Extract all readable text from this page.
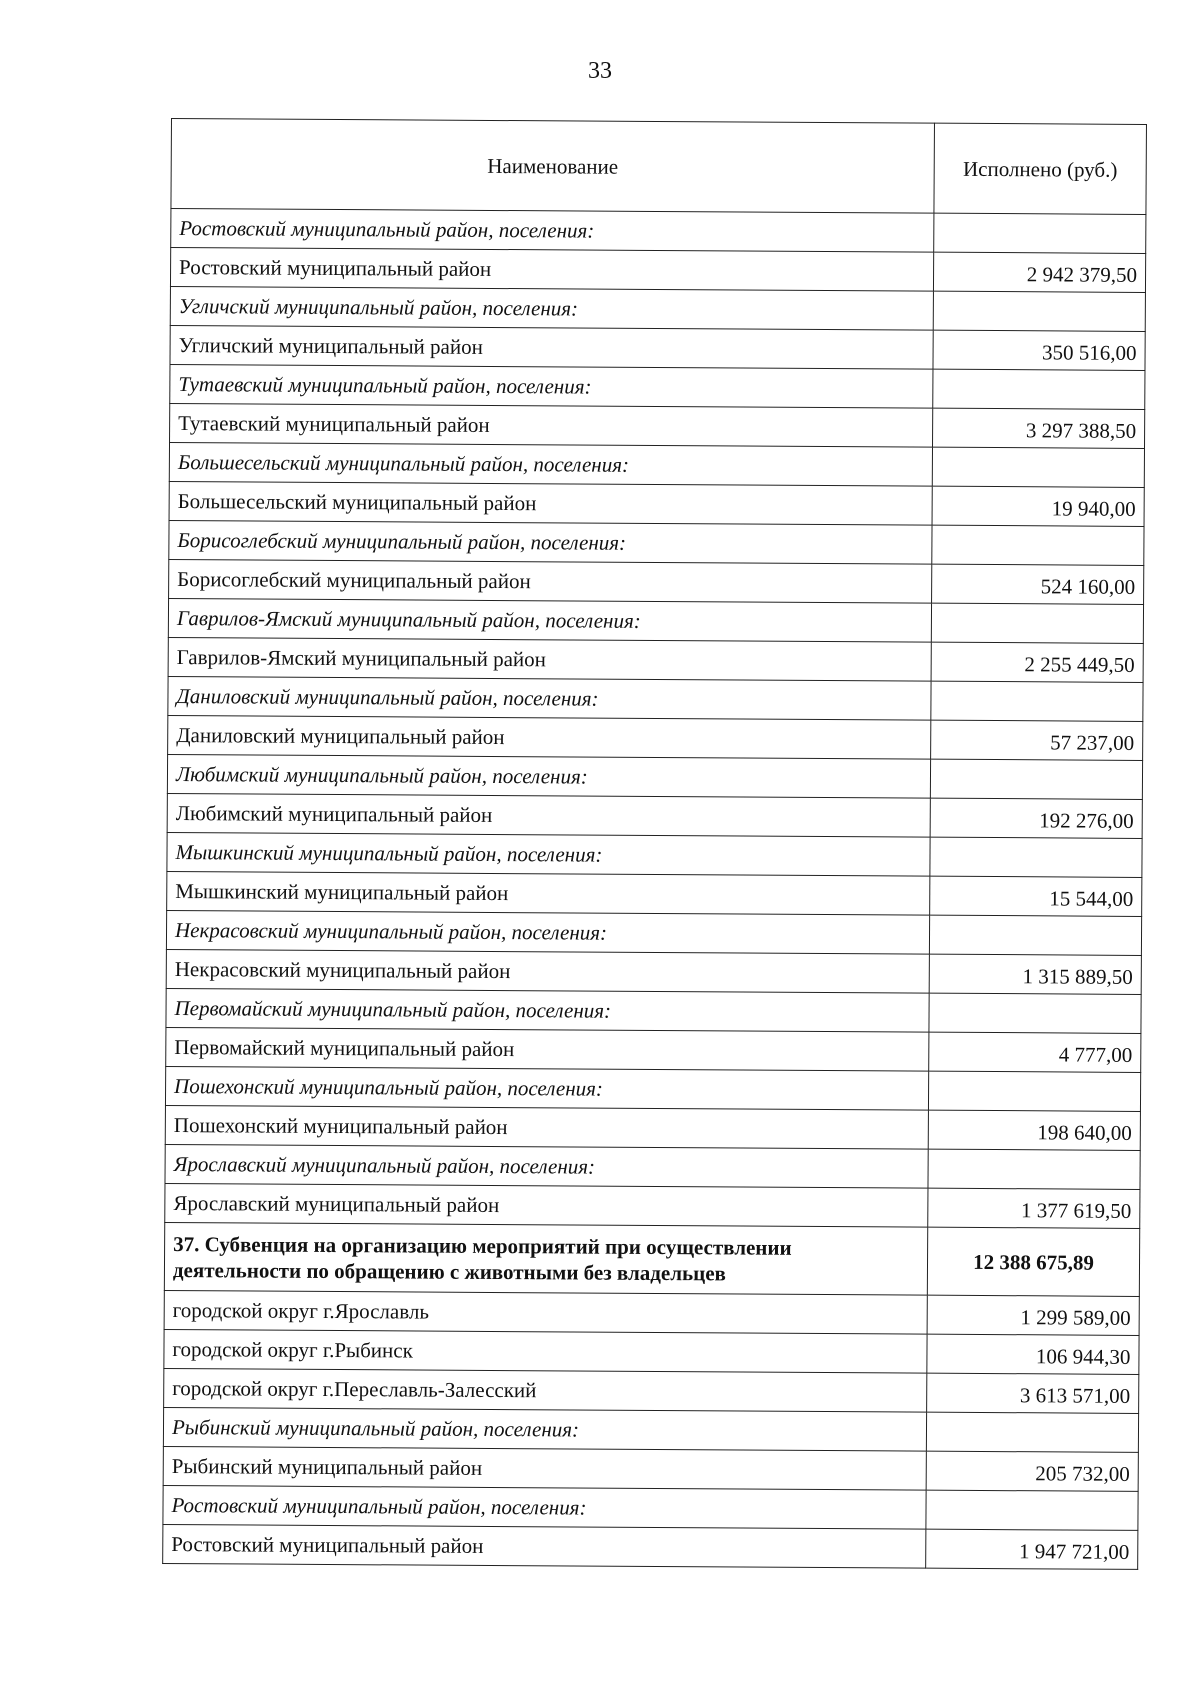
33
Наименование	Исполнено (руб.)
Ростовский муниципальный район, поселения:	
Ростовский муниципальный район	2 942 379,50
Угличский муниципальный район, поселения:	
Угличский муниципальный район	350 516,00
Тутаевский муниципальный район, поселения:	
Тутаевский муниципальный район	3 297 388,50
Большесельский муниципальный район, поселения:	
Большесельский муниципальный район	19 940,00
Борисоглебский муниципальный район, поселения:	
Борисоглебский муниципальный район	524 160,00
Гаврилов-Ямский муниципальный район, поселения:	
Гаврилов-Ямский муниципальный район	2 255 449,50
Даниловский муниципальный район, поселения:	
Даниловский муниципальный район	57 237,00
Любимский муниципальный район, поселения:	
Любимский муниципальный район	192 276,00
Мышкинский муниципальный район, поселения:	
Мышкинский муниципальный район	15 544,00
Некрасовский муниципальный район, поселения:	
Некрасовский муниципальный район	1 315 889,50
Первомайский муниципальный район, поселения:	
Первомайский муниципальный район	4 777,00
Пошехонский муниципальный район, поселения:	
Пошехонский муниципальный район	198 640,00
Ярославский муниципальный район, поселения:	
Ярославский муниципальный район	1 377 619,50
37. Субвенция на организацию мероприятий при осуществлении деятельности по обращению с животными без владельцев	12 388 675,89
городской округ г.Ярославль	1 299 589,00
городской округ г.Рыбинск	106 944,30
городской округ г.Переславль-Залесский	3 613 571,00
Рыбинский муниципальный район, поселения:	
Рыбинский муниципальный район	205 732,00
Ростовский муниципальный район, поселения:	
Ростовский муниципальный район	1 947 721,00
